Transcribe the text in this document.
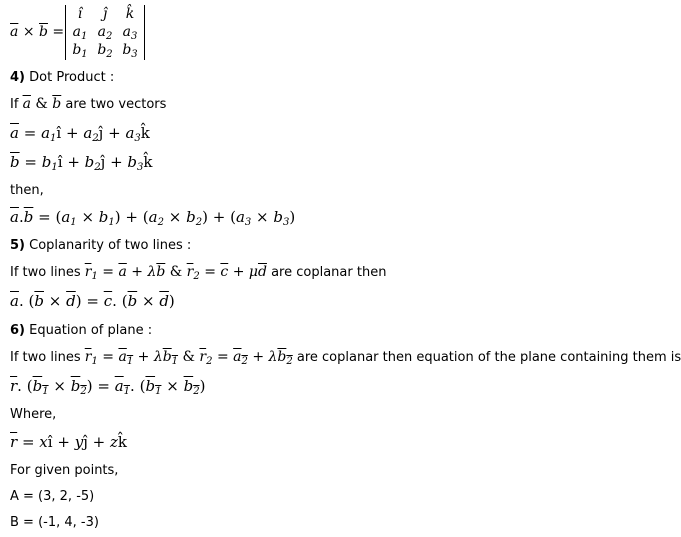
$\overline{a} \times \overline{b}$ =
î	ĵ	k̂
$a_1$ $a_2$ $a_3$
$b_1$ $b_2$ $b_3$
4) Dot Product :
If $\overline{a}$ & $\overline{b}$ are two vectors
$\overline{a}$ = $a_1î$ + $a_2ĵ$ + $a_3k̂$
$\overline{b}$ = $b_1î$ + $b_2ĵ$ + $b_3k̂$
then,
$\overline{a}.\overline{b} = (a_1 \times b_1) + (a_2 \times b_2) + (a_3 \times b_3)$
5) Coplanarity of two lines :
If two lines $\overline{r}_1 = \overline{a} + \lambda\overline{b}$ & $\overline{r}_2 = \overline{c} + \mu\overline{d}$ are coplanar then
$\overline{a}$. $(\overline{b} \times \overline{d}) = \overline{c}$. $(\overline{b} \times \overline{d})$
6) Equation of plane :
If two lines $\overline{r}_1 = a_1 + \lambda b_1$ & $\overline{r}_2 = a_2 + \lambda b_2$ are coplanar then equation of the plane containing them is
$\overline{r}$. $(b_1 \times b_2) = a_1$. $(b_1 \times b_2)$
Where,
$\overline{r}$ = xî + yĵ + zk̂
For given points,
A = (3, 2, -5)
B = (-1, 4, -3)
